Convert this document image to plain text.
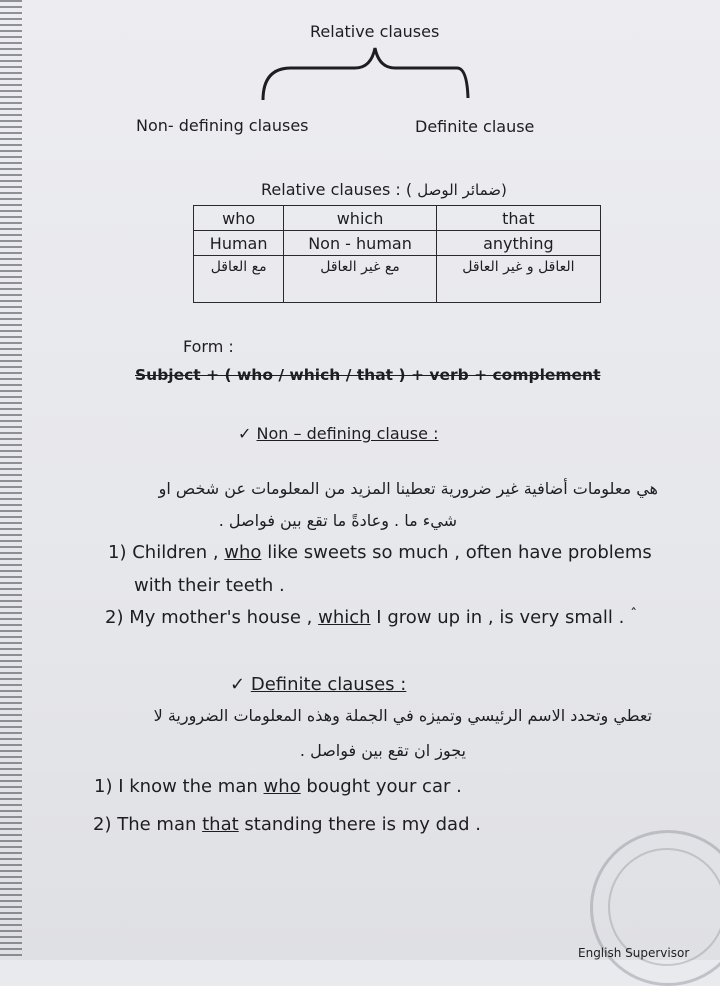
Relative clauses
Non- defining clauses	Definite clause
Relative clauses : ( ضمائر الوصل)
who	which	that
Human	Non - human	anything
مع العاقل	مع غير العاقل	العاقل و غير العاقل
Form :
Subject + ( who / which / that ) + verb + complement
✓ Non – defining clause :
هي معلومات أضافية غير ضرورية تعطينا المزيد من المعلومات عن شخص او
شيء ما . وعادةً ما تقع بين فواصل .
1) Children , who like sweets so much , often have problems
with their teeth .
2) My mother's house , which I grow up in , is very small . $^ˆ$
✓ Definite clauses :
تعطي وتحدد الاسم الرئيسي وتميزه في الجملة وهذه المعلومات الضرورية لا
يجوز ان تقع بين فواصل .
1) I know the man who bought your car .
2) The man that standing there is my dad .
English Supervisor
